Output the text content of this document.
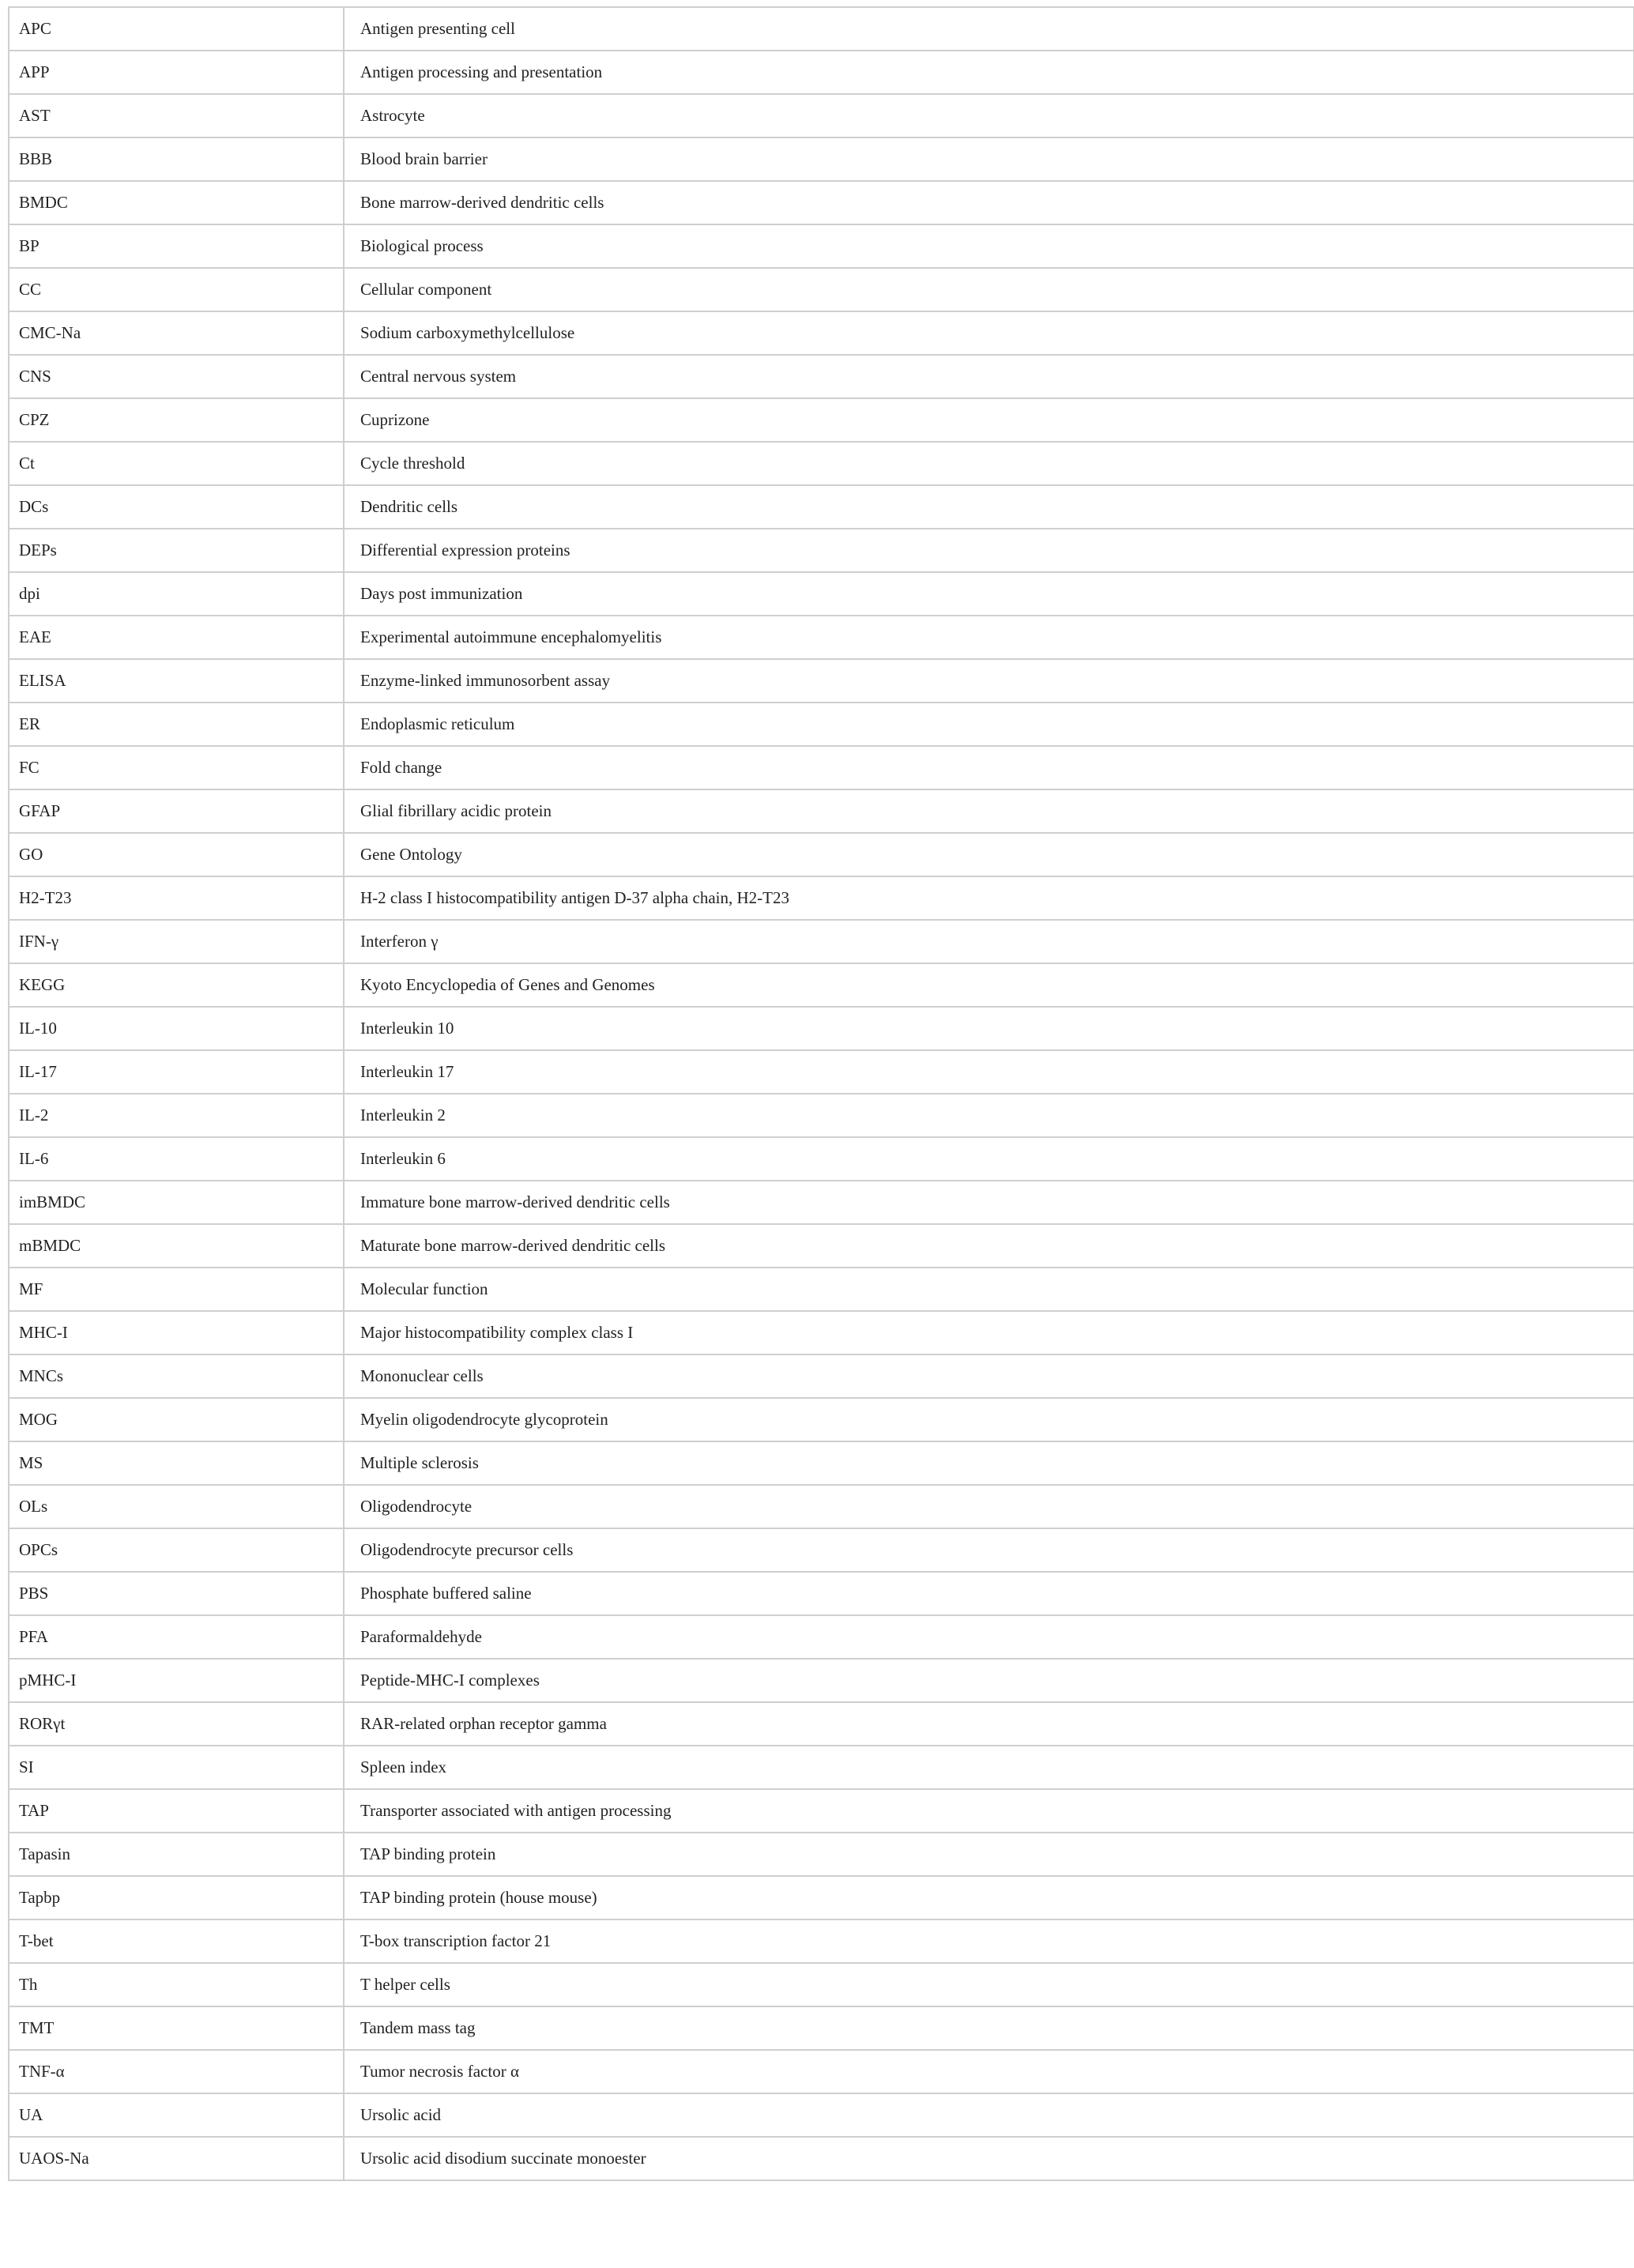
APC	Antigen presenting cell
APP	Antigen processing and presentation
AST	Astrocyte
BBB	Blood brain barrier
BMDC	Bone marrow-derived dendritic cells
BP	Biological process
CC	Cellular component
CMC-Na	Sodium carboxymethylcellulose
CNS	Central nervous system
CPZ	Cuprizone
Ct	Cycle threshold
DCs	Dendritic cells
DEPs	Differential expression proteins
dpi	Days post immunization
EAE	Experimental autoimmune encephalomyelitis
ELISA	Enzyme-linked immunosorbent assay
ER	Endoplasmic reticulum
FC	Fold change
GFAP	Glial fibrillary acidic protein
GO	Gene Ontology
H2-T23	H-2 class I histocompatibility antigen D-37 alpha chain, H2-T23
IFN-γ	Interferon γ
KEGG	Kyoto Encyclopedia of Genes and Genomes
IL-10	Interleukin 10
IL-17	Interleukin 17
IL-2	Interleukin 2
IL-6	Interleukin 6
imBMDC	Immature bone marrow-derived dendritic cells
mBMDC	Maturate bone marrow-derived dendritic cells
MF	Molecular function
MHC-I	Major histocompatibility complex class I
MNCs	Mononuclear cells
MOG	Myelin oligodendrocyte glycoprotein
MS	Multiple sclerosis
OLs	Oligodendrocyte
OPCs	Oligodendrocyte precursor cells
PBS	Phosphate buffered saline
PFA	Paraformaldehyde
pMHC-I	Peptide-MHC-I complexes
RORγt	RAR-related orphan receptor gamma
SI	Spleen index
TAP	Transporter associated with antigen processing
Tapasin	TAP binding protein
Tapbp	TAP binding protein (house mouse)
T-bet	T-box transcription factor 21
Th	T helper cells
TMT	Tandem mass tag
TNF-α	Tumor necrosis factor α
UA	Ursolic acid
UAOS-Na	Ursolic acid disodium succinate monoester
